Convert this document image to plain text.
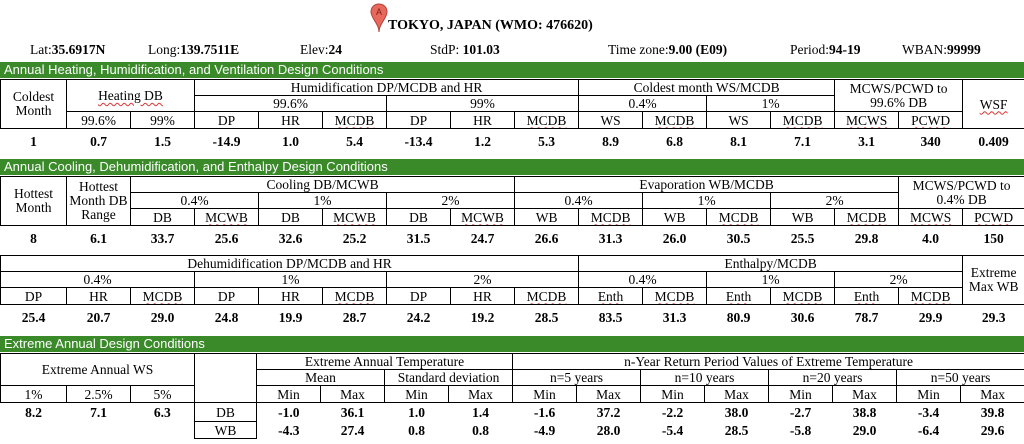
A
TOKYO, JAPAN (WMO: 476620)
Lat:35.6917N	Long:139.7511E	Elev:24	StdP: 101.03	Time zone:9.00 (E09)	Period:94-19	WBAN:99999
Annual Heating, Humidification, and Ventilation Design Conditions
Coldest Month	Heating DB		Humidification DP/MCDB and HR						Coldest month WS/MCDB				MCWS/PCWD to 99.6% DB		WSF
			99.6%			99%			0.4%		1%				
	99.6%	99%	DP	HR	MCDB	DP	HR	MCDB	WS	MCDB	WS	MCDB	MCWS	PCWD	
1	0.7	1.5	-14.9	1.0	5.4	-13.4	1.2	5.3	8.9	6.8	8.1	7.1	3.1	340	0.409
Annual Cooling, Dehumidification, and Enthalpy Design Conditions
Hottest Month	Hottest Month DB Range	Cooling DB/MCWB						Evaporation WB/MCDB						MCWS/PCWD to 0.4% DB	
		0.4%		1%		2%		0.4%		1%		2%			
		DB	MCWB	DB	MCWB	DB	MCWB	WB	MCDB	WB	MCDB	WB	MCDB	MCWS	PCWD
8	6.1	33.7	25.6	32.6	25.2	31.5	24.7	26.6	31.3	26.0	30.5	25.5	29.8	4.0	150
Dehumidification DP/MCDB and HR									Enthalpy/MCDB						Extreme Max WB
0.4%			1%			2%			0.4%		1%		2%		
DP	HR	MCDB	DP	HR	MCDB	DP	HR	MCDB	Enth	MCDB	Enth	MCDB	Enth	MCDB	
25.4	20.7	29.0	24.8	19.9	28.7	24.2	19.2	28.5	83.5	31.3	80.9	30.6	78.7	29.9	29.3
Extreme Annual Design Conditions
Extreme Annual WS				Extreme Annual Temperature				n-Year Return Period Values of Extreme Temperature							
				Mean		Standard deviation		n=5 years		n=10 years		n=20 years		n=50 years	
1%	2.5%	5%		Min	Max	Min	Max	Min	Max	Min	Max	Min	Max	Min	Max
8.2	7.1	6.3	DB	-1.0	36.1	1.0	1.4	-1.6	37.2	-2.2	38.0	-2.7	38.8	-3.4	39.8
			WB	-4.3	27.4	0.8	0.8	-4.9	28.0	-5.4	28.5	-5.8	29.0	-6.4	29.6
